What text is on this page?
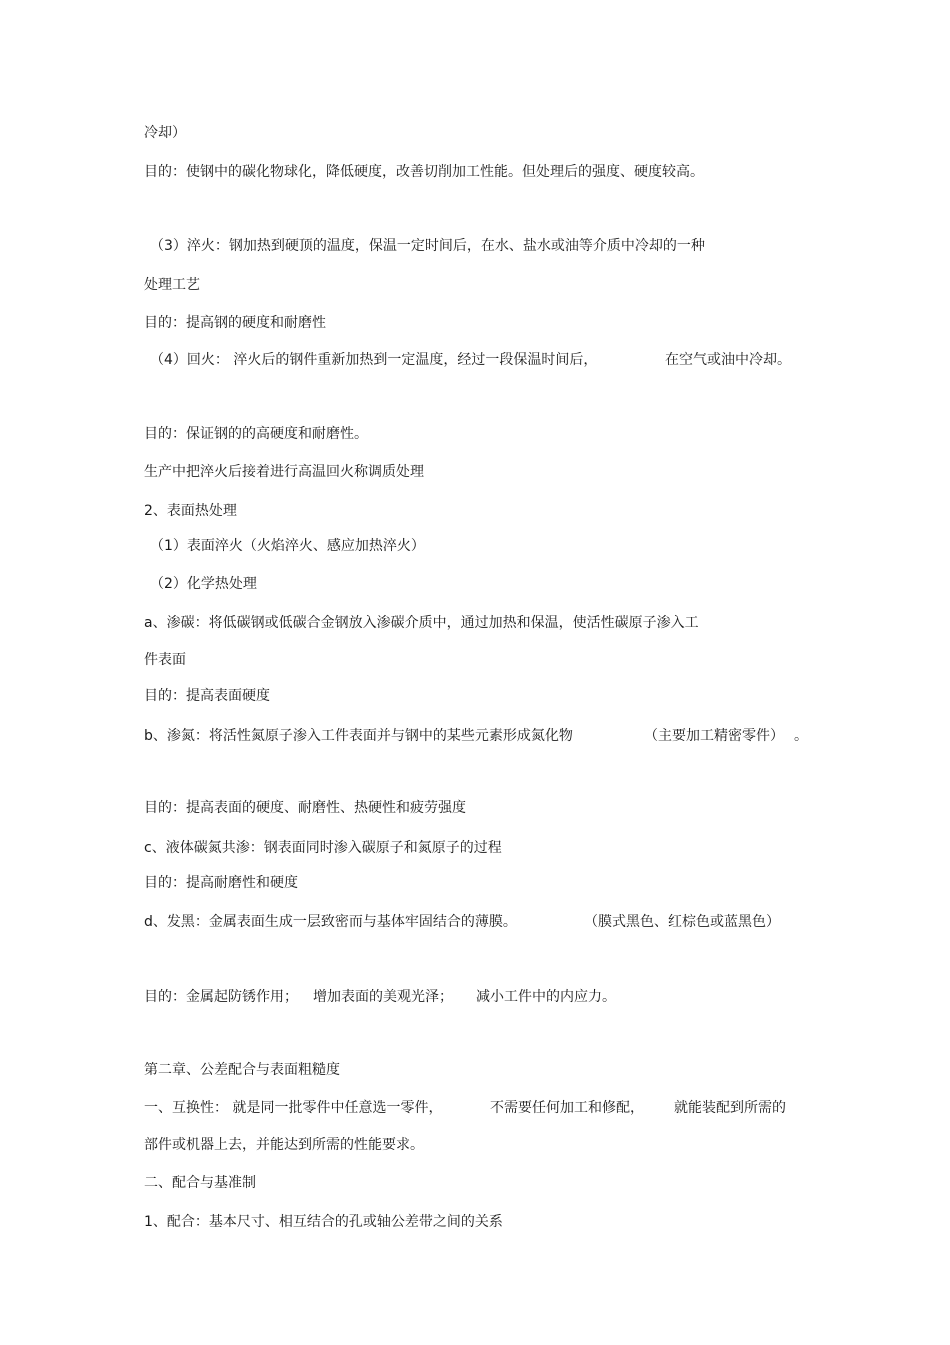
冷却）
目的：使钢中的碳化物球化，降低硬度，改善切削加工性能。但处理后的强度、硬度较高。
（3）淬火：钢加热到硬顶的温度，保温一定时间后，在水、盐水或油等介质中冷却的一种
处理工艺
目的：提高钢的硬度和耐磨性
（4）回火： 淬火后的钢件重新加热到一定温度，经过一段保温时间后，	在空气或油中冷却。
目的：保证钢的的高硬度和耐磨性。
生产中把淬火后接着进行高温回火称调质处理
2、表面热处理
（1）表面淬火（火焰淬火、感应加热淬火）
（2）化学热处理
a、渗碳：将低碳钢或低碳合金钢放入渗碳介质中，通过加热和保温，使活性碳原子渗入工
件表面
目的：提高表面硬度
b、渗氮：将活性氮原子渗入工件表面并与钢中的某些元素形成氮化物	（主要加工精密零件） 。
目的：提高表面的硬度、耐磨性、热硬性和疲劳强度
c、液体碳氮共渗：钢表面同时渗入碳原子和氮原子的过程
目的：提高耐磨性和硬度
d、发黑：金属表面生成一层致密而与基体牢固结合的薄膜。	（膜式黑色、红棕色或蓝黑色）
目的：金属起防锈作用； 增加表面的美观光泽； 减小工件中的内应力。
第二章、公差配合与表面粗糙度
一、互换性： 就是同一批零件中任意选一零件，	不需要任何加工和修配， 就能装配到所需的
部件或机器上去，并能达到所需的性能要求。
二、配合与基准制
1、配合：基本尺寸、相互结合的孔或轴公差带之间的关系
